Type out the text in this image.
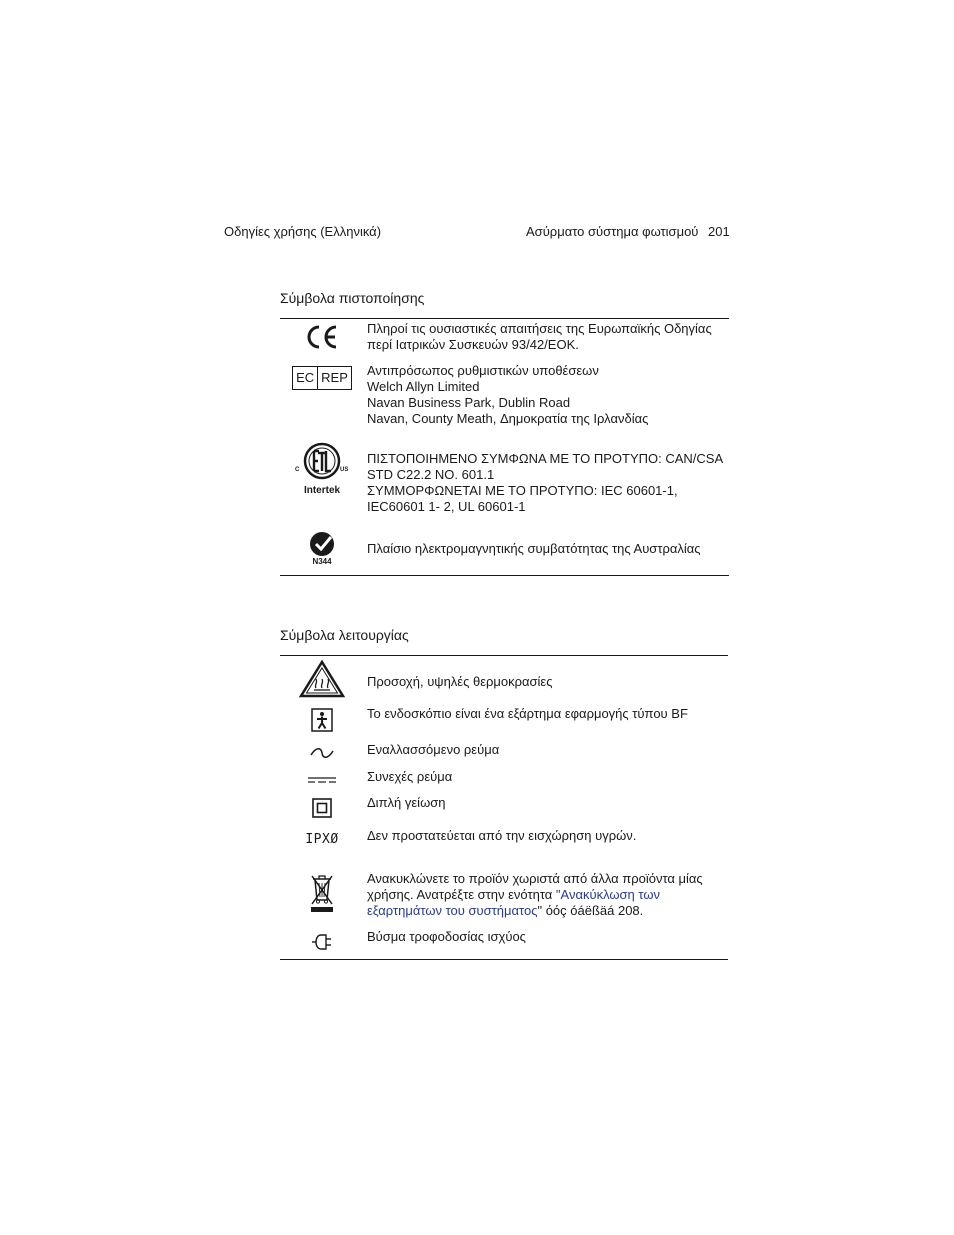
Οδηγίες χρήσης (Ελληνικά)	Ασύρματο σύστημα φωτισμού 201
Σύμβολα πιστοποίησης
Πληροί τις ουσιαστικές απαιτήσεις της Ευρωπαϊκής Οδηγίας
περί Ιατρικών Συσκευών 93/42/ΕΟΚ.
EC REP Αντιπρόσωπος ρυθμιστικών υποθέσεων
Welch Allyn Limited
Navan Business Park, Dublin Road
Navan, County Meath, Δημοκρατία της Ιρλανδίας
C	US
Intertek
ΠΙΣΤΟΠΟΙΗΜΕΝΟ ΣΥΜΦΩΝΑ ΜΕ ΤΟ ΠΡΟΤΥΠΟ: CAN/CSA
STD C22.2 NO. 601.1
ΣΥΜΜΟΡΦΩΝΕΤΑΙ ΜΕ ΤΟ ΠΡΟΤΥΠΟ: IEC 60601-1,
IEC60601 1- 2, UL 60601-1
N344
Πλαίσιο ηλεκτρομαγνητικής συμβατότητας της Αυστραλίας
Σύμβολα λειτουργίας
Προσοχή, υψηλές θερμοκρασίες
Το ενδοσκόπιο είναι ένα εξάρτημα εφαρμογής τύπου BF
Εναλλασσόμενο ρεύμα
Συνεχές ρεύμα
Διπλή γείωση
IPXØ Δεν προστατεύεται από την εισχώρηση υγρών.
Ανακυκλώνετε το προϊόν χωριστά από άλλα προϊόντα μίας
χρήσης. Ανατρέξτε στην ενότητα "Ανακύκλωση των
εξαρτημάτων του συστήματος" όόç óáëßäá 208.
Βύσμα τροφοδοσίας ισχύος
